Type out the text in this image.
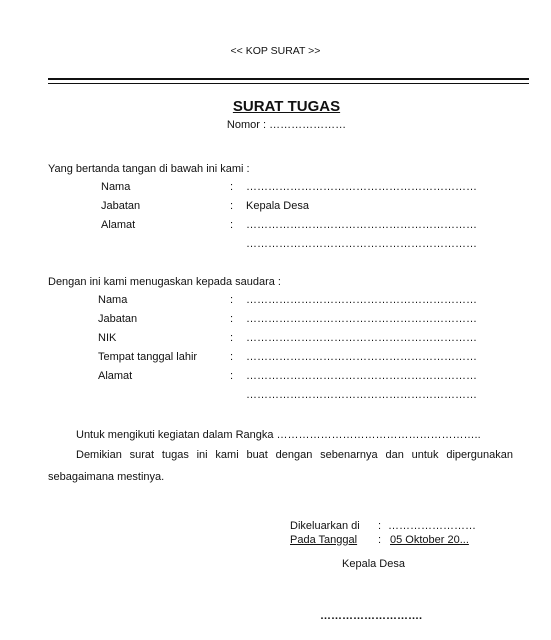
<< KOP SURAT >>
SURAT TUGAS
Nomor : …………………
Yang bertanda tangan di bawah ini kami :
Nama	: ………………………………………………………
Jabatan	: Kepala Desa
Alamat	: ………………………………………………………
………………………………………………………
Dengan ini kami menugaskan kepada saudara :
Nama	: ………………………………………………………
Jabatan	: ………………………………………………………
NIK	: ………………………………………………………
Tempat tanggal lahir	: ………………………………………………………
Alamat	: ………………………………………………………
………………………………………………………
Untuk mengikuti kegiatan dalam Rangka ………………………………………………..
Demikian surat tugas ini kami buat dengan sebenarnya dan untuk dipergunakan sebagaimana mestinya.
Dikeluarkan di : ……………………
Pada Tanggal : 05 Oktober 20...
Kepala Desa
……………………….
